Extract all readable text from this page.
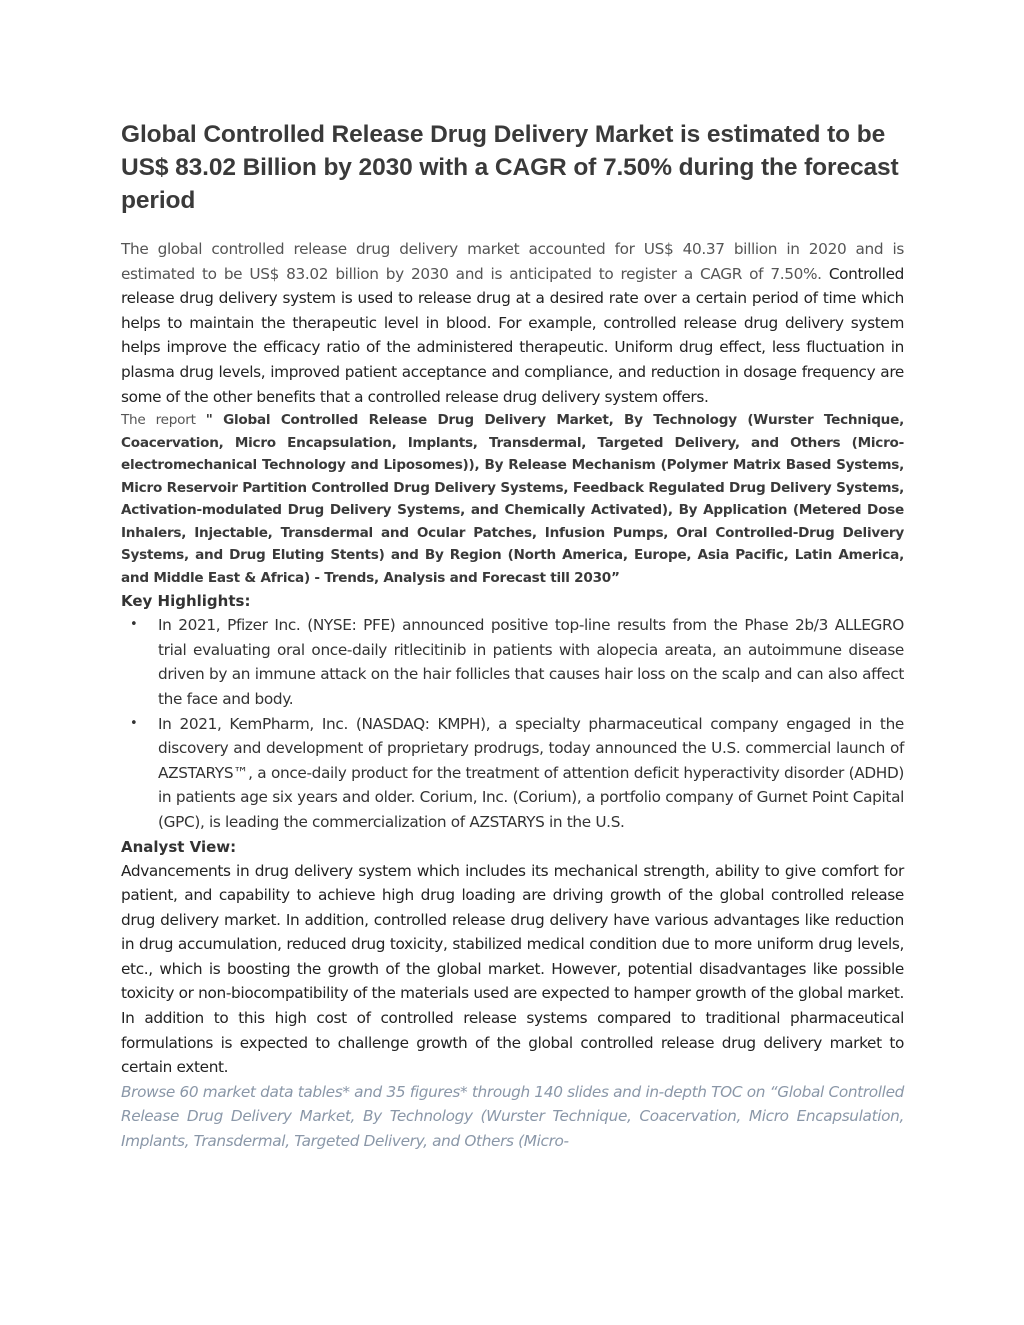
Global Controlled Release Drug Delivery Market is estimated to be US$ 83.02 Billion by 2030 with a CAGR of 7.50% during the forecast period

The global controlled release drug delivery market accounted for US$ 40.37 billion in 2020 and is estimated to be US$ 83.02 billion by 2030 and is anticipated to register a CAGR of 7.50%. Controlled release drug delivery system is used to release drug at a desired rate over a certain period of time which helps to maintain the therapeutic level in blood. For example, controlled release drug delivery system helps improve the efficacy ratio of the administered therapeutic. Uniform drug effect, less fluctuation in plasma drug levels, improved patient acceptance and compliance, and reduction in dosage frequency are some of the other benefits that a controlled release drug delivery system offers.

The report " Global Controlled Release Drug Delivery Market, By Technology (Wurster Technique, Coacervation, Micro Encapsulation, Implants, Transdermal, Targeted Delivery, and Others (Micro-electromechanical Technology and Liposomes)), By Release Mechanism (Polymer Matrix Based Systems, Micro Reservoir Partition Controlled Drug Delivery Systems, Feedback Regulated Drug Delivery Systems, Activation-modulated Drug Delivery Systems, and Chemically Activated), By Application (Metered Dose Inhalers, Injectable, Transdermal and Ocular Patches, Infusion Pumps, Oral Controlled-Drug Delivery Systems, and Drug Eluting Stents) and By Region (North America, Europe, Asia Pacific, Latin America, and Middle East & Africa) - Trends, Analysis and Forecast till 2030”

Key Highlights:

• In 2021, Pfizer Inc. (NYSE: PFE) announced positive top-line results from the Phase 2b/3 ALLEGRO trial evaluating oral once-daily ritlecitinib in patients with alopecia areata, an autoimmune disease driven by an immune attack on the hair follicles that causes hair loss on the scalp and can also affect the face and body.
• In 2021, KemPharm, Inc. (NASDAQ: KMPH), a specialty pharmaceutical company engaged in the discovery and development of proprietary prodrugs, today announced the U.S. commercial launch of AZSTARYS™, a once-daily product for the treatment of attention deficit hyperactivity disorder (ADHD) in patients age six years and older. Corium, Inc. (Corium), a portfolio company of Gurnet Point Capital (GPC), is leading the commercialization of AZSTARYS in the U.S.

Analyst View:

Advancements in drug delivery system which includes its mechanical strength, ability to give comfort for patient, and capability to achieve high drug loading are driving growth of the global controlled release drug delivery market. In addition, controlled release drug delivery have various advantages like reduction in drug accumulation, reduced drug toxicity, stabilized medical condition due to more uniform drug levels, etc., which is boosting the growth of the global market. However, potential disadvantages like possible toxicity or non-biocompatibility of the materials used are expected to hamper growth of the global market. In addition to this high cost of controlled release systems compared to traditional pharmaceutical formulations is expected to challenge growth of the global controlled release drug delivery market to certain extent.

Browse 60 market data tables* and 35 figures* through 140 slides and in-depth TOC on “Global Controlled Release Drug Delivery Market, By Technology (Wurster Technique, Coacervation, Micro Encapsulation, Implants, Transdermal, Targeted Delivery, and Others (Micro-
